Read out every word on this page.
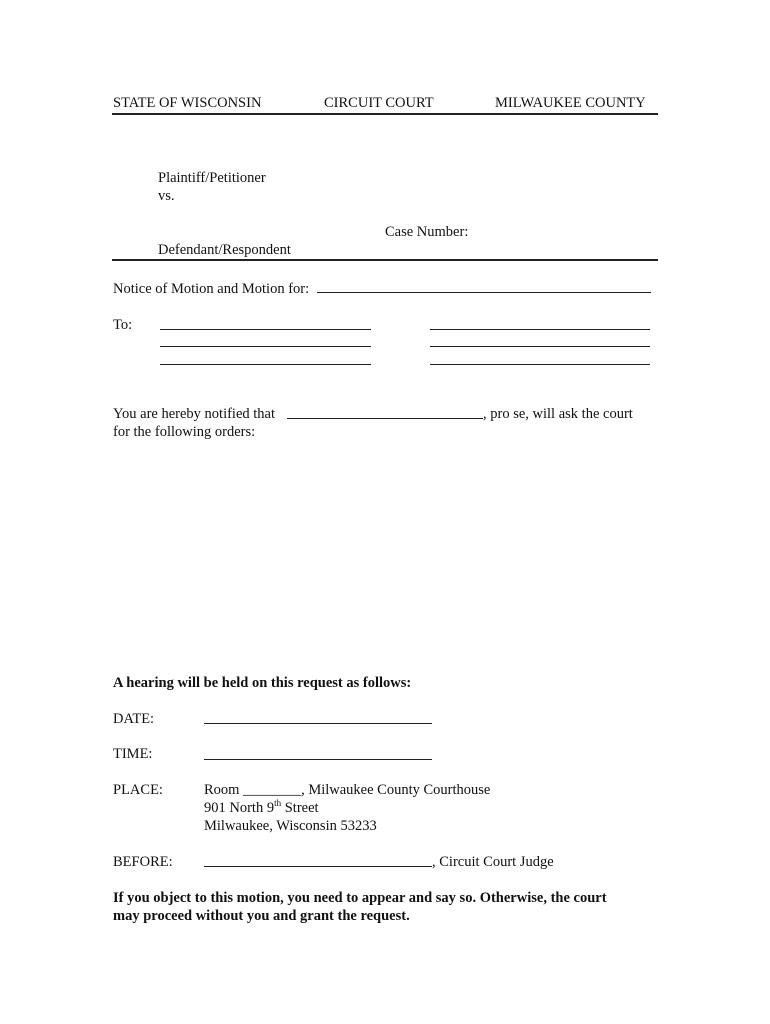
STATE OF WISCONSIN	CIRCUIT COURT	MILWAUKEE COUNTY
Plaintiff/Petitioner
vs.
Case Number:
Defendant/Respondent
Notice of Motion and Motion for:
To:
You are hereby notified that	, pro se, will ask the court
for the following orders:
A hearing will be held on this request as follows:
DATE:
TIME:
PLACE:	Room ________, Milwaukee County Courthouse
901 North 9th Street
Milwaukee, Wisconsin 53233
BEFORE:	, Circuit Court Judge
If you object to this motion, you need to appear and say so. Otherwise, the court
may proceed without you and grant the request.
